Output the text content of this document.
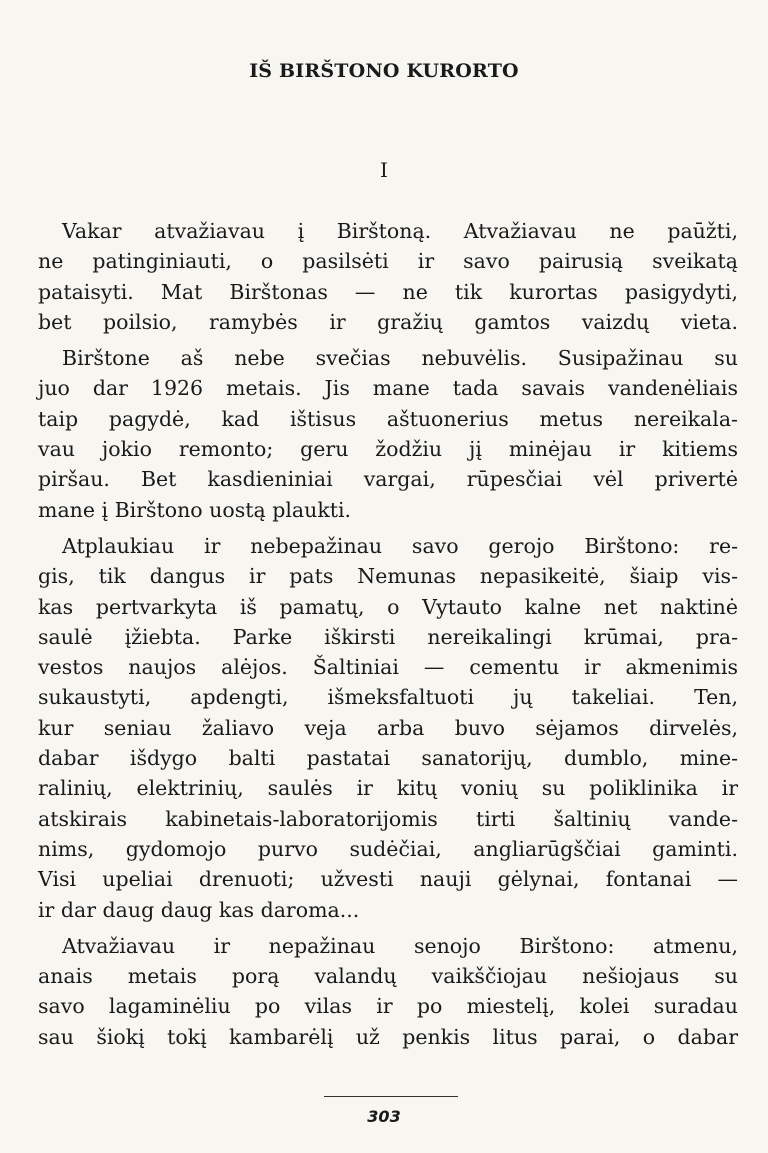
IŠ BIRŠTONO KURORTO
I

Vakar atvažiavau į Birštoną. Atvažiavau ne paūžti,
ne patinginiauti, o pasilsėti ir savo pairusią sveikatą
pataisyti. Mat Birštonas — ne tik kurortas pasigydyti,
bet poilsio, ramybės ir gražių gamtos vaizdų vieta.

Birštone aš nebe svečias nebuvėlis. Susipažinau su
juo dar 1926 metais. Jis mane tada savais vandenėliais
taip pagydė, kad ištisus aštuonerius metus nereikala-
vau jokio remonto; geru žodžiu jį minėjau ir kitiems
piršau. Bet kasdieniniai vargai, rūpesčiai vėl privertė
mane į Birštono uostą plaukti.

Atplaukiau ir nebepažinau savo gerojo Birštono: re-
gis, tik dangus ir pats Nemunas nepasikeitė, šiaip vis-
kas pertvarkyta iš pamatų, o Vytauto kalne net naktinė
saulė įžiebta. Parke iškirsti nereikalingi krūmai, pra-
vestos naujos alėjos. Šaltiniai — cementu ir akmenimis
sukaustyti, apdengti, išmeksfaltuoti jų takeliai. Ten,
kur seniau žaliavo veja arba buvo sėjamos dirvelės,
dabar išdygo balti pastatai sanatorijų, dumblo, mine-
ralinių, elektrinių, saulės ir kitų vonių su poliklinika ir
atskirais kabinetais-laboratorijomis tirti šaltinių vande-
nims, gydomojo purvo sudėčiai, angliarūgščiai gaminti.
Visi upeliai drenuoti; užvesti nauji gėlynai, fontanai —
ir dar daug daug kas daroma...

Atvažiavau ir nepažinau senojo Birštono: atmenu,
anais metais porą valandų vaikščiojau nešiojaus su
savo lagaminėliu po vilas ir po miestelį, kolei suradau
sau šiokį tokį kambarėlį už penkis litus parai, o dabar

303
